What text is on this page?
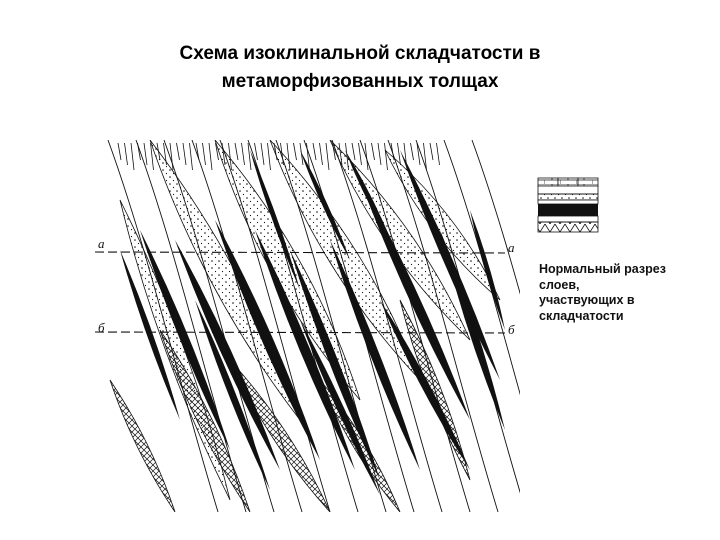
Схема изоклинальной складчатости в
метаморфизованных толщах
а	а
б	б
Нормальный разрез
слоев,
участвующих в
складчатости
